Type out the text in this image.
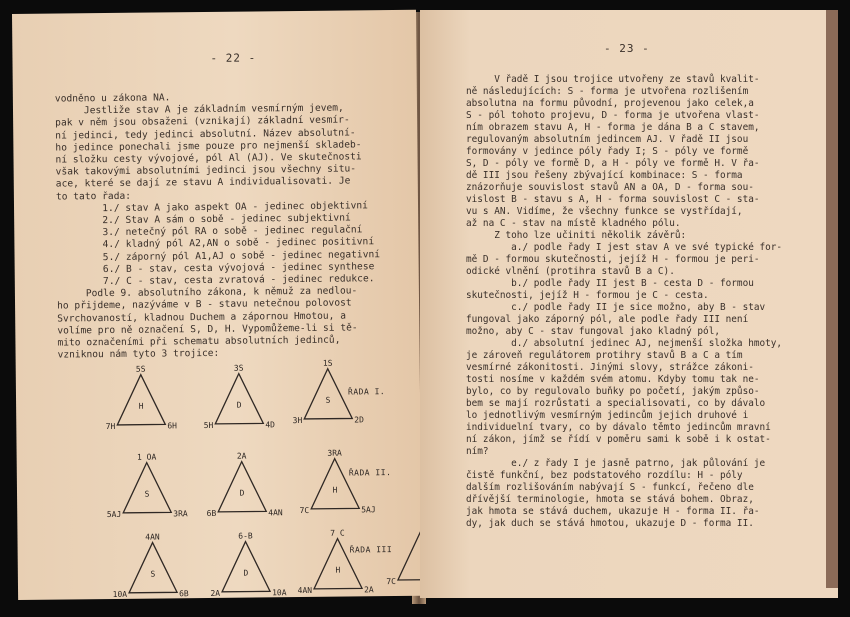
- 22 -
vodněno u zákona NA.
Jestliže stav A je základním vesmírným jevem,
pak v něm jsou obsaženi (vznikají) základní vesmír-
ní jedinci, tedy jedinci absolutní. Název absolutní-
ho jedince ponechali jsme pouze pro nejmenší skladeb-
ní složku cesty vývojové, pól Al (AJ). Ve skutečnosti
však takovými absolutními jedinci jsou všechny situ-
ace, které se dají ze stavu A individualisovati. Je
to tato řada:
1./ stav A jako aspekt OA - jedinec objektivní
2./ Stav A sám o sobě - jedinec subjektivní
3./ netečný pól RA o sobě - jedinec regulační
4./ kladný pól A2,AN o sobě - jedinec positivní
5./ záporný pól A1,AJ o sobě - jedinec negativní
6./ B - stav, cesta vývojová - jedinec synthese
7./ C - stav, cesta zvratová - jedinec redukce.
Podle 9. absolutního zákona, k němuž za nedlou-
ho přijdeme, nazýváme v B - stavu netečnou polovost
Svrchovaností, kladnou Duchem a zápornou Hmotou, a
volíme pro ně označení S, D, H. Vypomůžeme-li si tě-
mito označeními při schematu absolutních jedinců,
vzniknou nám tyto 3 trojice:
5S
H
7H	6H
3S
D
5H	4D
1S
S
3H	2D
1 OA
S
5AJ	3RA
2A
D
6B	4AN
3RA
H
7C	5AJ
4AN
S
10A	6B
6-B
D
2A	10A
7 C
H
4AN	2A
7C
ŘADA I.
ŘADA II.
ŘADA III
- 23 -
V řadě I jsou trojice utvořeny ze stavů kvalit-
ně následujících: S - forma je utvořena rozlišením
absolutna na formu původní, projevenou jako celek,a
S - pól tohoto projevu, D - forma je utvořena vlast-
ním obrazem stavu A, H - forma je dána B a C stavem,
regulovaným absolutním jedincem AJ. V řadě II jsou
formovány v jedince póly řady I; S - póly ve formě
S, D - póly ve formě D, a H - póly ve formě H. V řa-
dě III jsou řešeny zbývající kombinace: S - forma
znázorňuje souvislost stavů AN a OA, D - forma sou-
vislost B - stavu s A, H - forma souvislost C - sta-
vu s AN. Vidíme, že všechny funkce se vystřídají,
až na C - stav na místě kladného pólu.
Z toho lze učiniti několik závěrů:
a./ podle řady I jest stav A ve své typické for-
mě D - formou skutečnosti, jejíž H - formou je peri-
odické vlnění (protihra stavů B a C).
b./ podle řady II jest B - cesta D - formou
skutečnosti, jejíž H - formou je C - cesta.
c./ podle řady II je sice možno, aby B - stav
fungoval jako záporný pól, ale podle řady III není
možno, aby C - stav fungoval jako kladný pól,
d./ absolutní jedinec AJ, nejmenší složka hmoty,
je zároveň regulátorem protihry stavů B a C a tím
vesmírné zákonitosti. Jinými slovy, strážce zákoni-
tosti nosíme v každém svém atomu. Kdyby tomu tak ne-
bylo, co by regulovalo buňky po početí, jakým způso-
bem se mají rozrůstati a specialisovati, co by dávalo
lo jednotlivým vesmírným jedincům jejich druhové i
individuelní tvary, co by dávalo těmto jedincům mravní
ní zákon, jímž se řídí v poměru sami k sobě i k ostat-
ním?
e./ z řady I je jasně patrno, jak půlování je
čistě funkční, bez podstatového rozdílu: H - póly
dalším rozlišováním nabývají S - funkcí, řečeno dle
dřívější terminologie, hmota se stává bohem. Obraz,
jak hmota se stává duchem, ukazuje H - forma II. řa-
dy, jak duch se stává hmotou, ukazuje D - forma II.
